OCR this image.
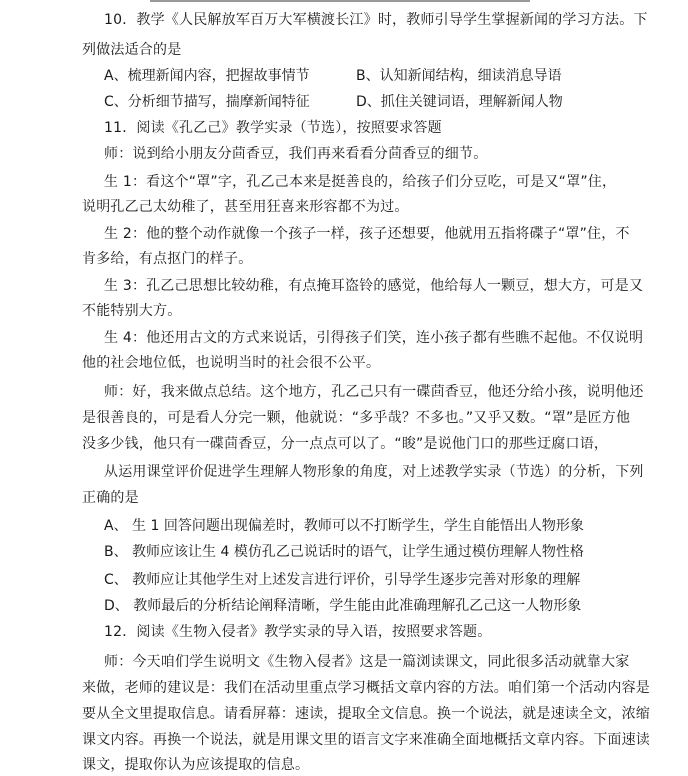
10．教学《人民解放军百万大军横渡长江》时，教师引导学生掌握新闻的学习方法。下
列做法适合的是
A、梳理新闻内容，把握故事情节	B、认知新闻结构，细读消息导语
C、分析细节描写，揣摩新闻特征	D、抓住关键词语，理解新闻人物
11．阅读《孔乙己》教学实录（节选），按照要求答题
师：说到给小朋友分茴香豆，我们再来看看分茴香豆的细节。
生 1：看这个“罩”字，孔乙己本来是挺善良的，给孩子们分豆吃，可是又“罩”住，
说明孔乙己太幼稚了，甚至用狂喜来形容都不为过。
生 2：他的整个动作就像一个孩子一样，孩子还想要，他就用五指将碟子“罩”住，不
肯多给，有点抠门的样子。
生 3：孔乙己思想比较幼稚，有点掩耳盗铃的感觉，他给每人一颗豆，想大方，可是又
不能特别大方。
生 4：他还用古文的方式来说话，引得孩子们笑，连小孩子都有些瞧不起他。不仅说明
他的社会地位低，也说明当时的社会很不公平。
师：好，我来做点总结。这个地方，孔乙己只有一碟茴香豆，他还分给小孩，说明他还
是很善良的，可是看人分完一颗，他就说：“多乎哉？不多也。”又乎又数。“罩”是匠方他
没多少钱，他只有一碟茴香豆，分一点点可以了。“睃”是说他门口的那些迂腐口语，
从运用课堂评价促进学生理解人物形象的角度，对上述教学实录（节选）的分析，下列
正确的是
A、 生 1 回答问题出现偏差时，教师可以不打断学生，学生自能悟出人物形象
B、 教师应该让生 4 模仿孔乙己说话时的语气，让学生通过模仿理解人物性格
C、 教师应让其他学生对上述发言进行评价，引导学生逐步完善对形象的理解
D、 教师最后的分析结论阐释清晰，学生能由此准确理解孔乙己这一人物形象
12．阅读《生物入侵者》教学实录的导入语，按照要求答题。
师：今天咱们学生说明文《生物入侵者》这是一篇浏读课文，同此很多活动就靠大家
来做，老师的建议是：我们在活动里重点学习概括文章内容的方法。咱们第一个活动内容是
要从全文里提取信息。请看屏幕：速读，提取全文信息。换一个说法，就是速读全文，浓缩
课文内容。再换一个说法，就是用课文里的语言文字来准确全面地概括文章内容。下面速读
课文，提取你认为应该提取的信息。
